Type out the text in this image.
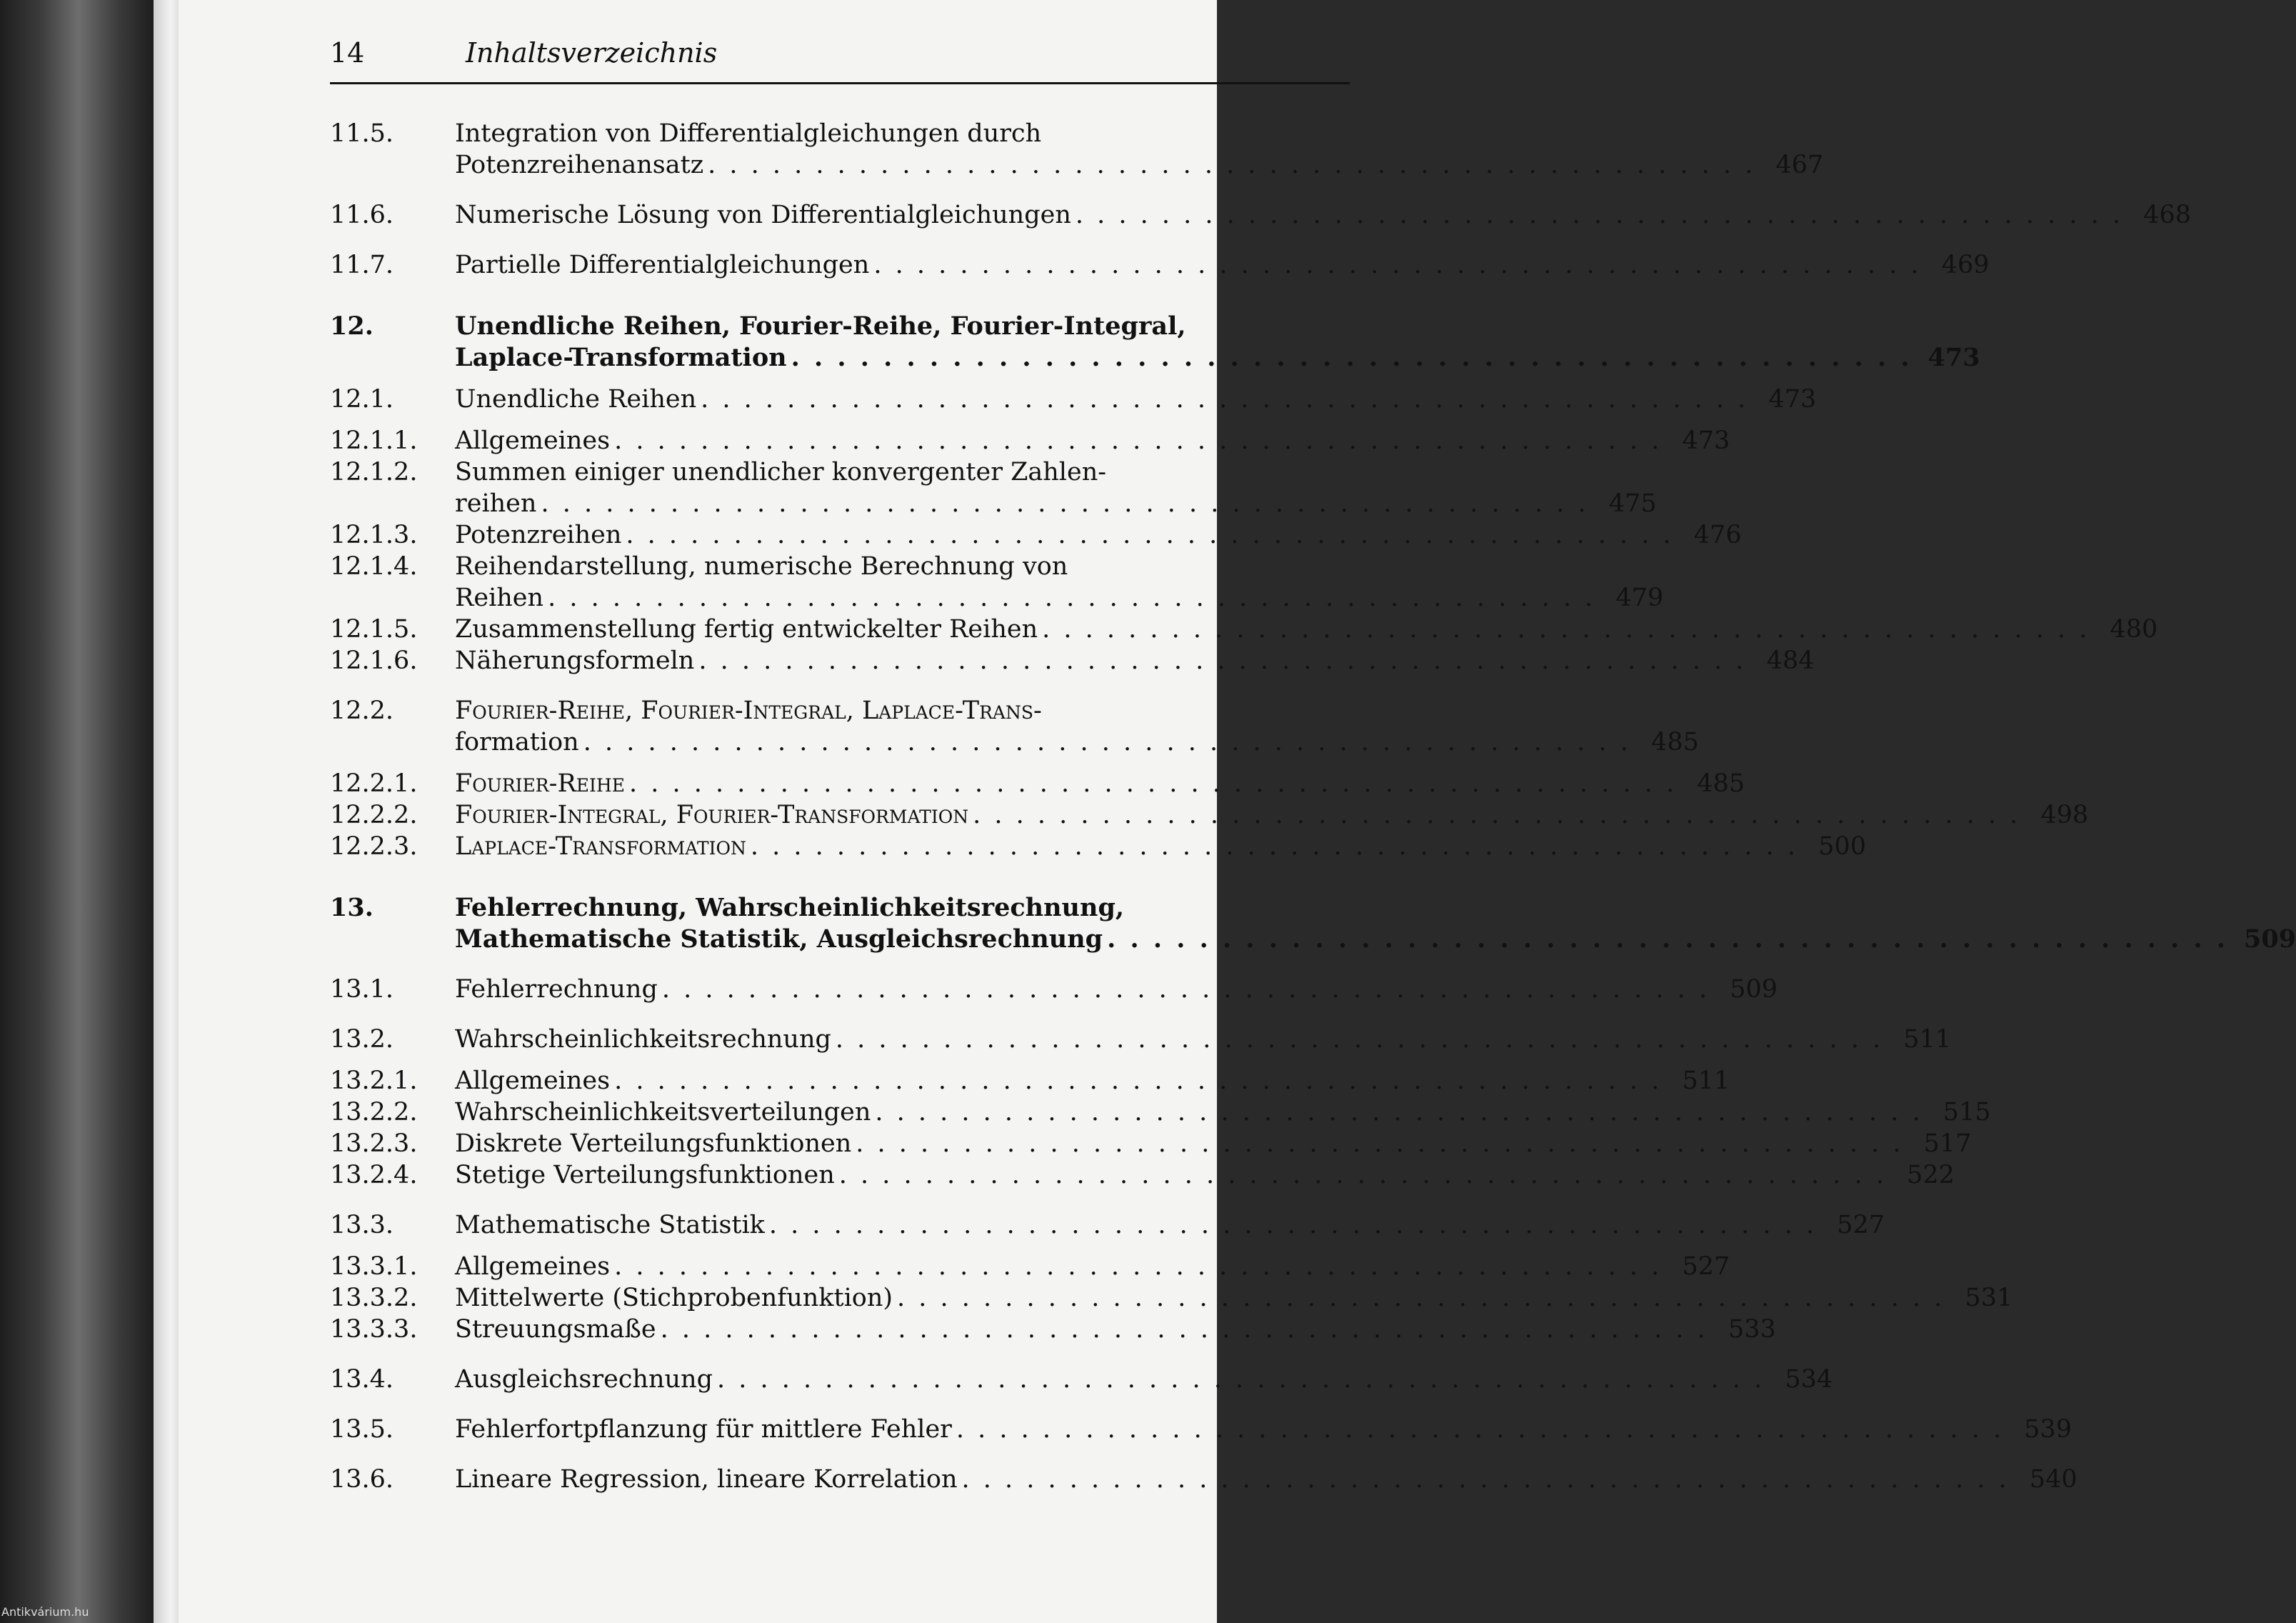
14	Inhaltsverzeichnis
11.5.	Integration von Differentialgleichungen durch
Potenzreihenansatz . . .	467
11.6.	Numerische Lösung von Differentialgleichungen . . .	468
11.7.	Partielle Differentialgleichungen . . .	469
12.	Unendliche Reihen, Fourier-Reihe, Fourier-Integral,
Laplace-Transformation . . .	473
12.1.	Unendliche Reihen . . .	473
12.1.1.	Allgemeines . . .	473
12.1.2.	Summen einiger unendlicher konvergenter Zahlen-
reihen . . .	475
12.1.3.	Potenzreihen . . .	476
12.1.4.	Reihendarstellung, numerische Berechnung von
Reihen . . .	479
12.1.5.	Zusammenstellung fertig entwickelter Reihen . . .	480
12.1.6.	Näherungsformeln . . .	484
12.2.	Fourier-Reihe, Fourier-Integral, Laplace-Trans-
formation . . .	485
12.2.1.	Fourier-Reihe . . .	485
12.2.2.	Fourier-Integral, Fourier-Transformation . . .	498
12.2.3.	Laplace-Transformation . . .	500
13.	Fehlerrechnung, Wahrscheinlichkeitsrechnung,
Mathematische Statistik, Ausgleichsrechnung . . .	509
13.1.	Fehlerrechnung . . .	509
13.2.	Wahrscheinlichkeitsrechnung . . .	511
13.2.1.	Allgemeines . . .	511
13.2.2.	Wahrscheinlichkeitsverteilungen . . .	515
13.2.3.	Diskrete Verteilungsfunktionen . . .	517
13.2.4.	Stetige Verteilungsfunktionen . . .	522
13.3.	Mathematische Statistik . . .	527
13.3.1.	Allgemeines . . .	527
13.3.2.	Mittelwerte (Stichprobenfunktion) . . .	531
13.3.3.	Streuungsmaße . . .	533
13.4.	Ausgleichsrechnung . . .	534
13.5.	Fehlerfortpflanzung für mittlere Fehler . . .	539
13.6.	Lineare Regression, lineare Korrelation . . .	540
Antikvárium.hu
